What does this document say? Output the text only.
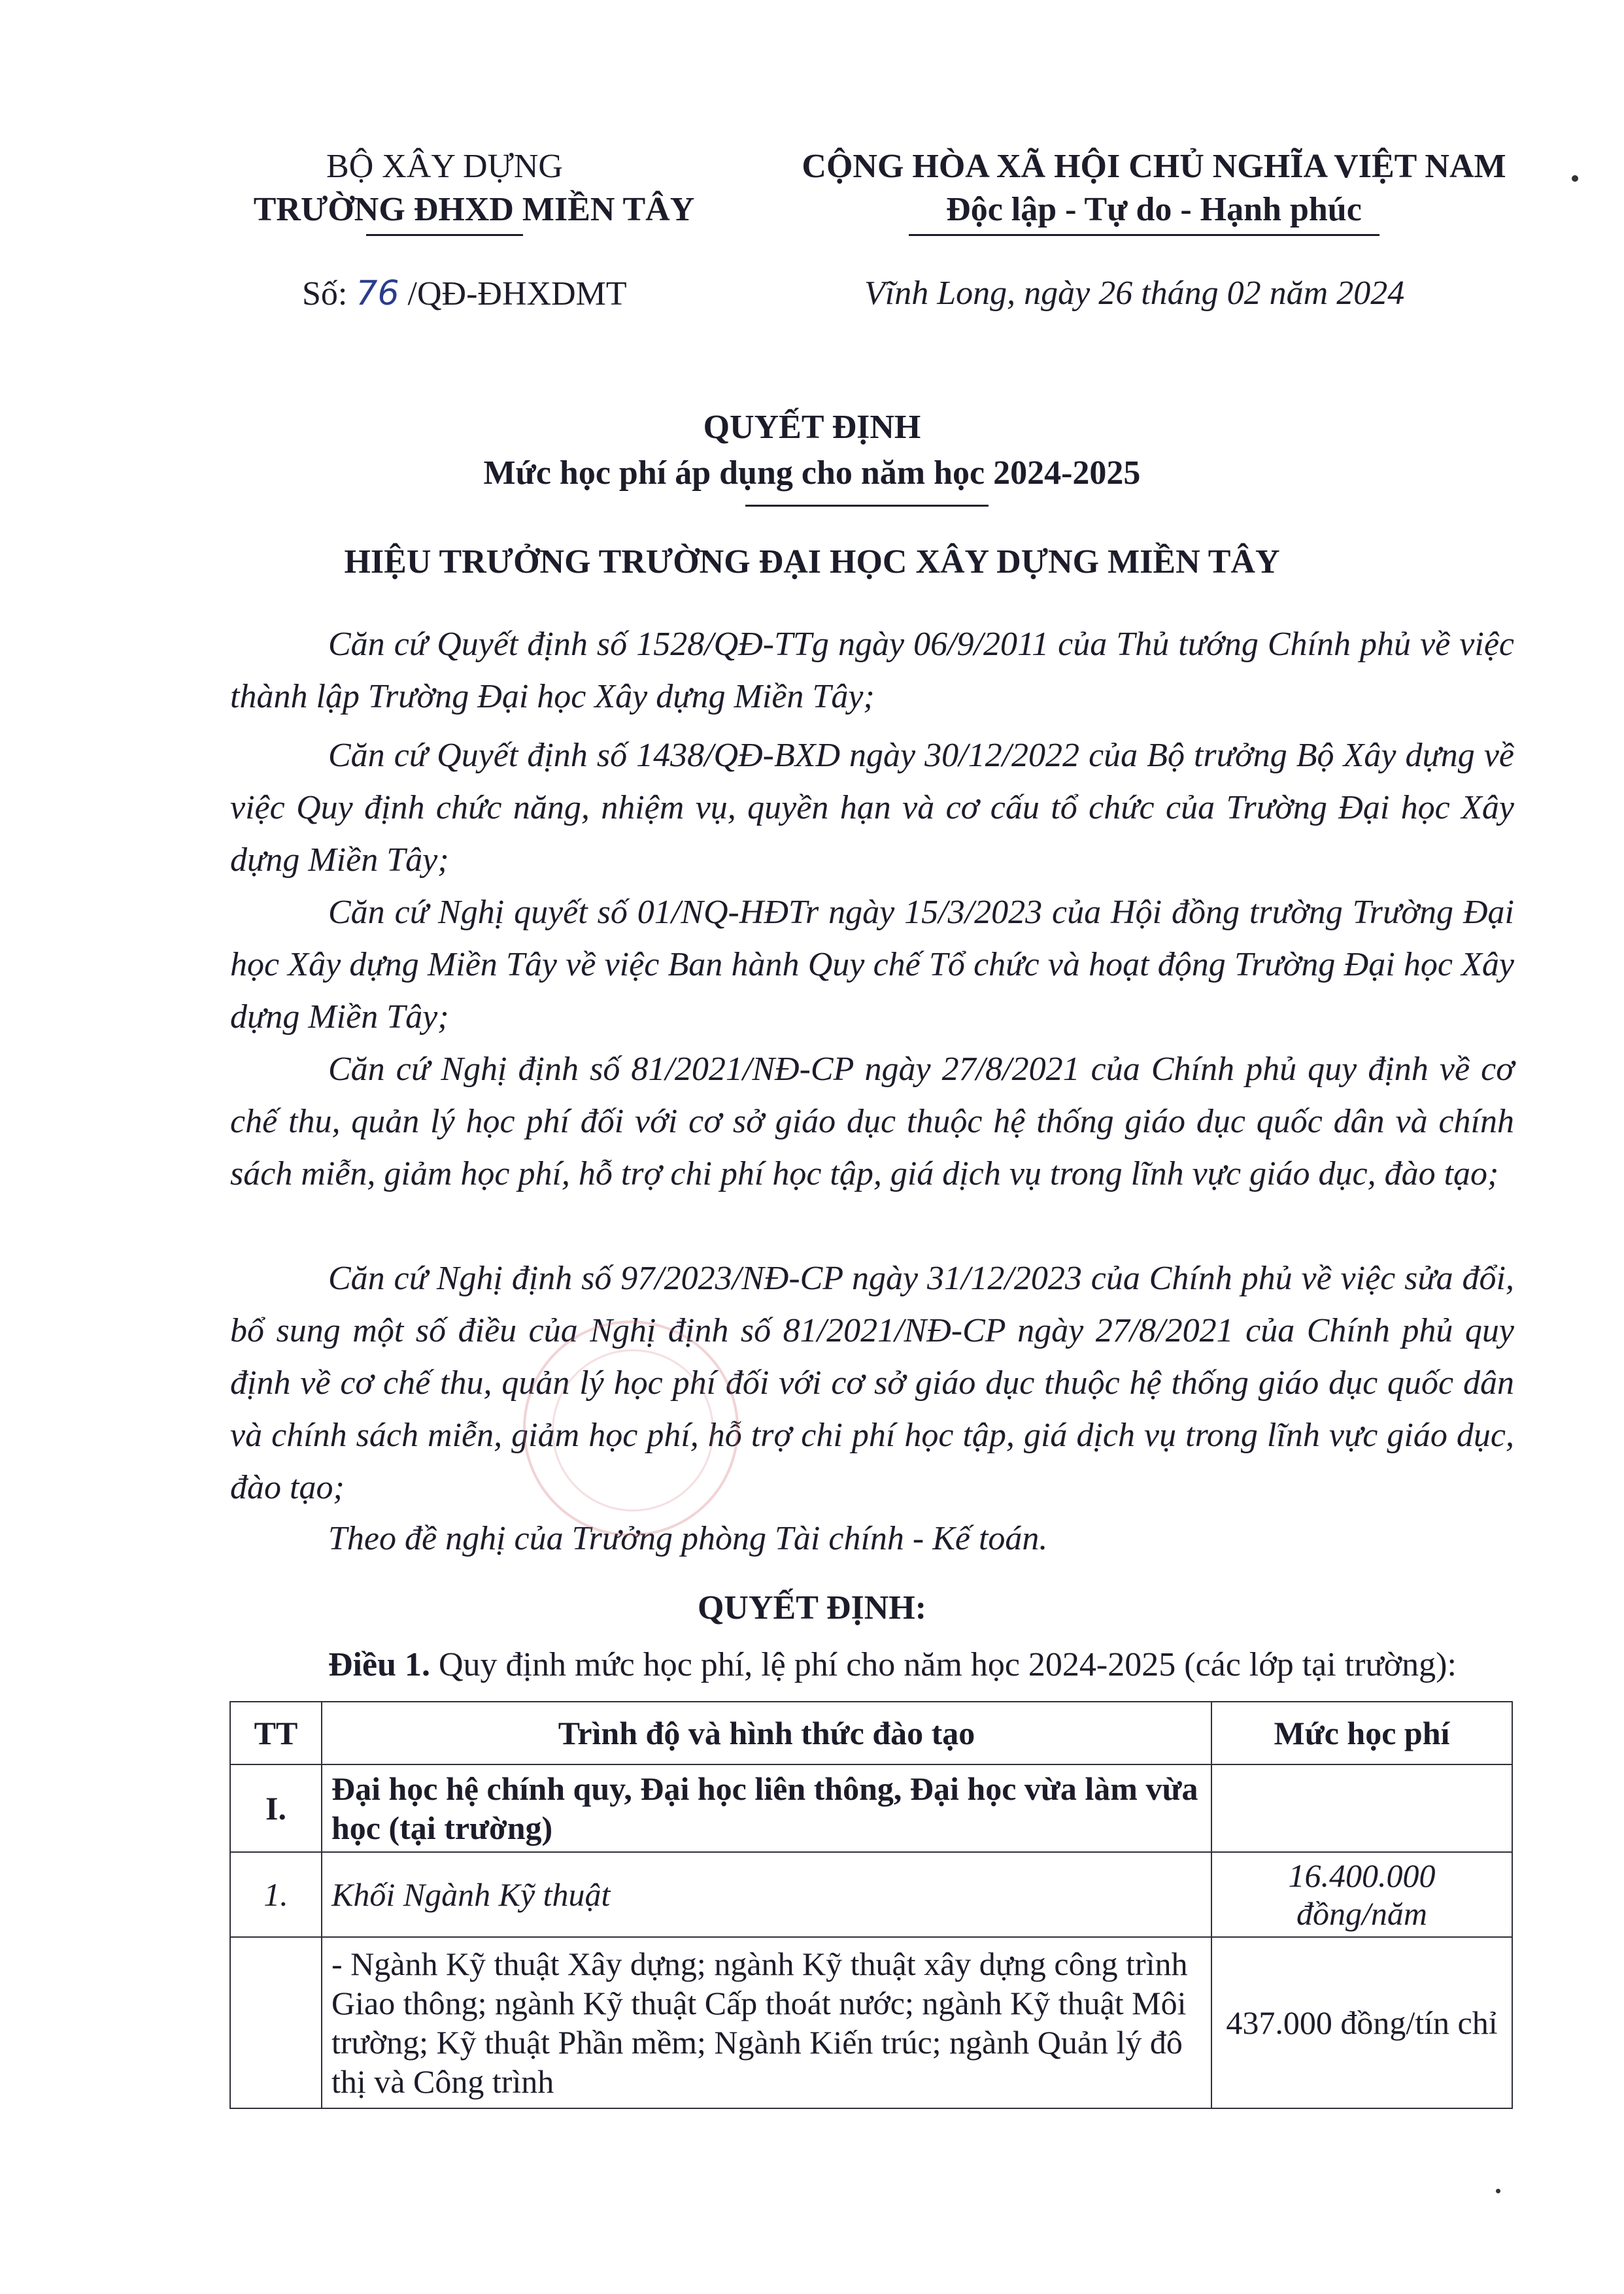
BỘ XÂY DỰNG
TRƯỜNG ĐHXD MIỀN TÂY
CỘNG HÒA XÃ HỘI CHỦ NGHĨA VIỆT NAM
Độc lập - Tự do - Hạnh phúc
Số: 76 /QĐ-ĐHXDMT	Vĩnh Long, ngày 26 tháng 02 năm 2024
QUYẾT ĐỊNH
Mức học phí áp dụng cho năm học 2024-2025
HIỆU TRƯỞNG TRƯỜNG ĐẠI HỌC XÂY DỰNG MIỀN TÂY

Căn cứ Quyết định số 1528/QĐ-TTg ngày 06/9/2011 của Thủ tướng Chính phủ về việc thành lập Trường Đại học Xây dựng Miền Tây;

Căn cứ Quyết định số 1438/QĐ-BXD ngày 30/12/2022 của Bộ trưởng Bộ Xây dựng về việc Quy định chức năng, nhiệm vụ, quyền hạn và cơ cấu tổ chức của Trường Đại học Xây dựng Miền Tây;

Căn cứ Nghị quyết số 01/NQ-HĐTr ngày 15/3/2023 của Hội đồng trường Trường Đại học Xây dựng Miền Tây về việc Ban hành Quy chế Tổ chức và hoạt động Trường Đại học Xây dựng Miền Tây;

Căn cứ Nghị định số 81/2021/NĐ-CP ngày 27/8/2021 của Chính phủ quy định về cơ chế thu, quản lý học phí đối với cơ sở giáo dục thuộc hệ thống giáo dục quốc dân và chính sách miễn, giảm học phí, hỗ trợ chi phí học tập, giá dịch vụ trong lĩnh vực giáo dục, đào tạo;

Căn cứ Nghị định số 97/2023/NĐ-CP ngày 31/12/2023 của Chính phủ về việc sửa đổi, bổ sung một số điều của Nghị định số 81/2021/NĐ-CP ngày 27/8/2021 của Chính phủ quy định về cơ chế thu, quản lý học phí đối với cơ sở giáo dục thuộc hệ thống giáo dục quốc dân và chính sách miễn, giảm học phí, hỗ trợ chi phí học tập, giá dịch vụ trong lĩnh vực giáo dục, đào tạo;

Theo đề nghị của Trưởng phòng Tài chính - Kế toán.

QUYẾT ĐỊNH:
Điều 1. Quy định mức học phí, lệ phí cho năm học 2024-2025 (các lớp tại trường):
TT	Trình độ và hình thức đào tạo	Mức học phí
I.	Đại học hệ chính quy, Đại học liên thông, Đại học vừa làm vừa học (tại trường)	
1.	Khối Ngành Kỹ thuật	16.400.000 đồng/năm
	- Ngành Kỹ thuật Xây dựng; ngành Kỹ thuật xây dựng công trình Giao thông; ngành Kỹ thuật Cấp thoát nước; ngành Kỹ thuật Môi trường; Kỹ thuật Phần mềm; Ngành Kiến trúc; ngành Quản lý đô thị và Công trình	437.000 đồng/tín chỉ
